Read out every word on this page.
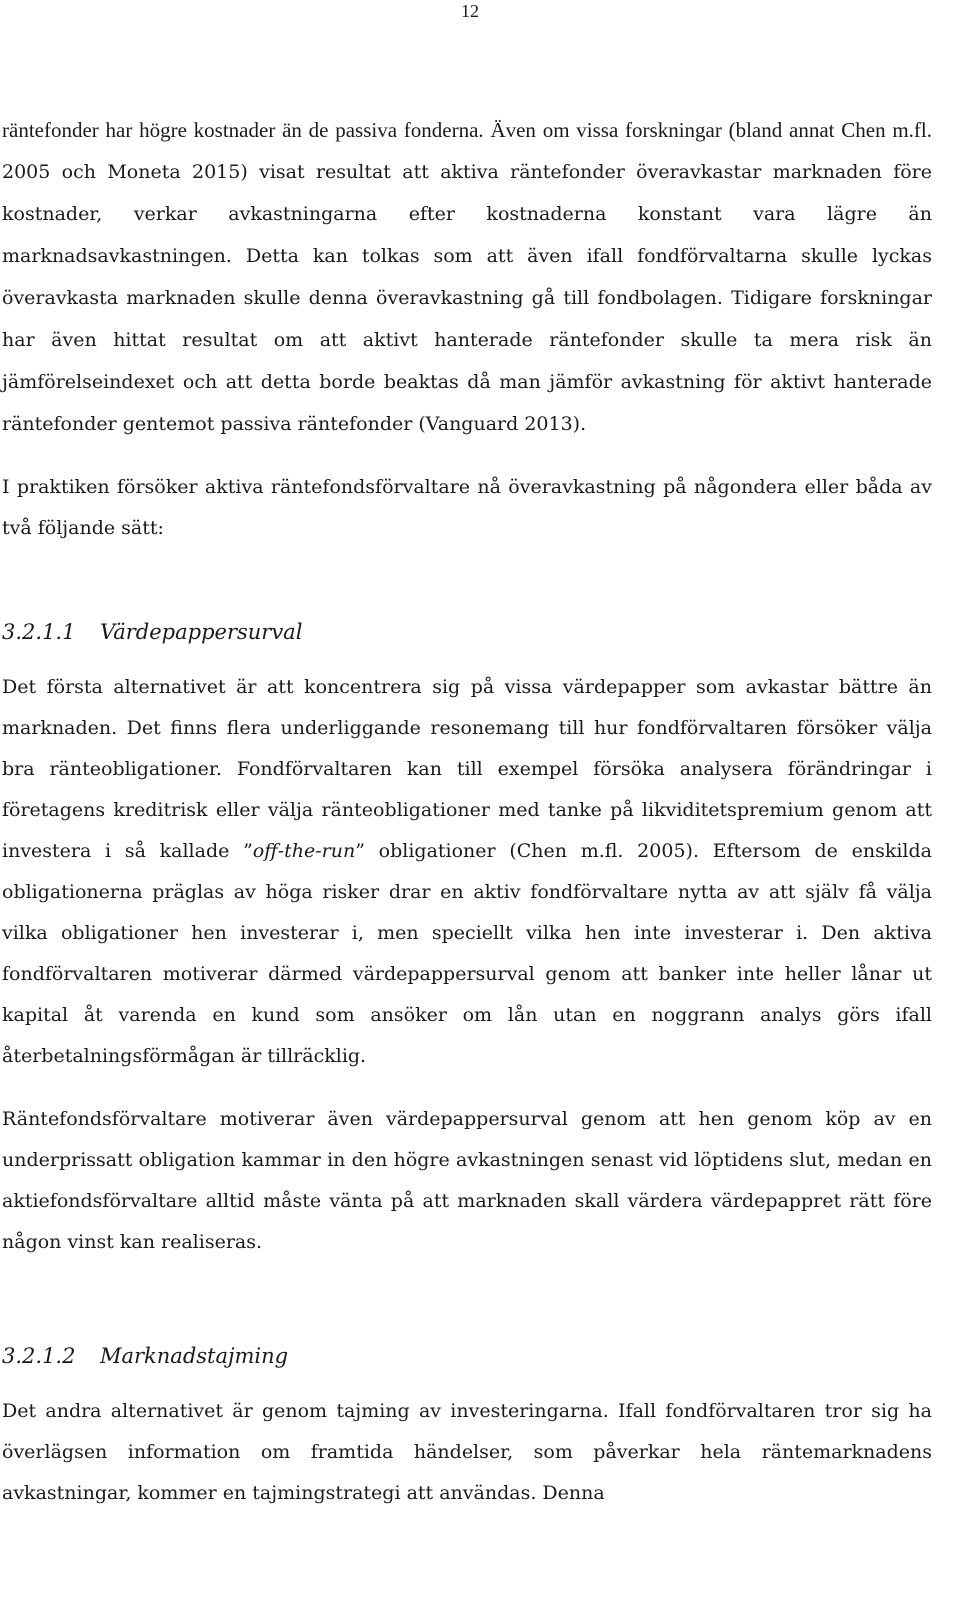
12

räntefonder har högre kostnader än de passiva fonderna. Även om vissa forskningar (bland annat Chen m.fl. 2005 och Moneta 2015) visat resultat att aktiva räntefonder överavkastar marknaden före kostnader, verkar avkastningarna efter kostnaderna konstant vara lägre än marknadsavkastningen. Detta kan tolkas som att även ifall fondförvaltarna skulle lyckas överavkasta marknaden skulle denna överavkastning gå till fondbolagen. Tidigare forskningar har även hittat resultat om att aktivt hanterade räntefonder skulle ta mera risk än jämförelseindexet och att detta borde beaktas då man jämför avkastning för aktivt hanterade räntefonder gentemot passiva räntefonder (Vanguard 2013).

I praktiken försöker aktiva räntefondsförvaltare nå överavkastning på någondera eller båda av två följande sätt:

3.2.1.1 Värdepappersurval

Det första alternativet är att koncentrera sig på vissa värdepapper som avkastar bättre än marknaden. Det finns flera underliggande resonemang till hur fondförvaltaren försöker välja bra ränteobligationer. Fondförvaltaren kan till exempel försöka analysera förändringar i företagens kreditrisk eller välja ränteobligationer med tanke på likviditetspremium genom att investera i så kallade ”off-the-run” obligationer (Chen m.fl. 2005). Eftersom de enskilda obligationerna präglas av höga risker drar en aktiv fondförvaltare nytta av att själv få välja vilka obligationer hen investerar i, men speciellt vilka hen inte investerar i. Den aktiva fondförvaltaren motiverar därmed värdepappersurval genom att banker inte heller lånar ut kapital åt varenda en kund som ansöker om lån utan en noggrann analys görs ifall återbetalningsförmågan är tillräcklig.

Räntefondsförvaltare motiverar även värdepappersurval genom att hen genom köp av en underprissatt obligation kammar in den högre avkastningen senast vid löptidens slut, medan en aktiefondsförvaltare alltid måste vänta på att marknaden skall värdera värdepappret rätt före någon vinst kan realiseras.

3.2.1.2 Marknadstajming

Det andra alternativet är genom tajming av investeringarna. Ifall fondförvaltaren tror sig ha överlägsen information om framtida händelser, som påverkar hela räntemarknadens avkastningar, kommer en tajmingstrategi att användas. Denna
